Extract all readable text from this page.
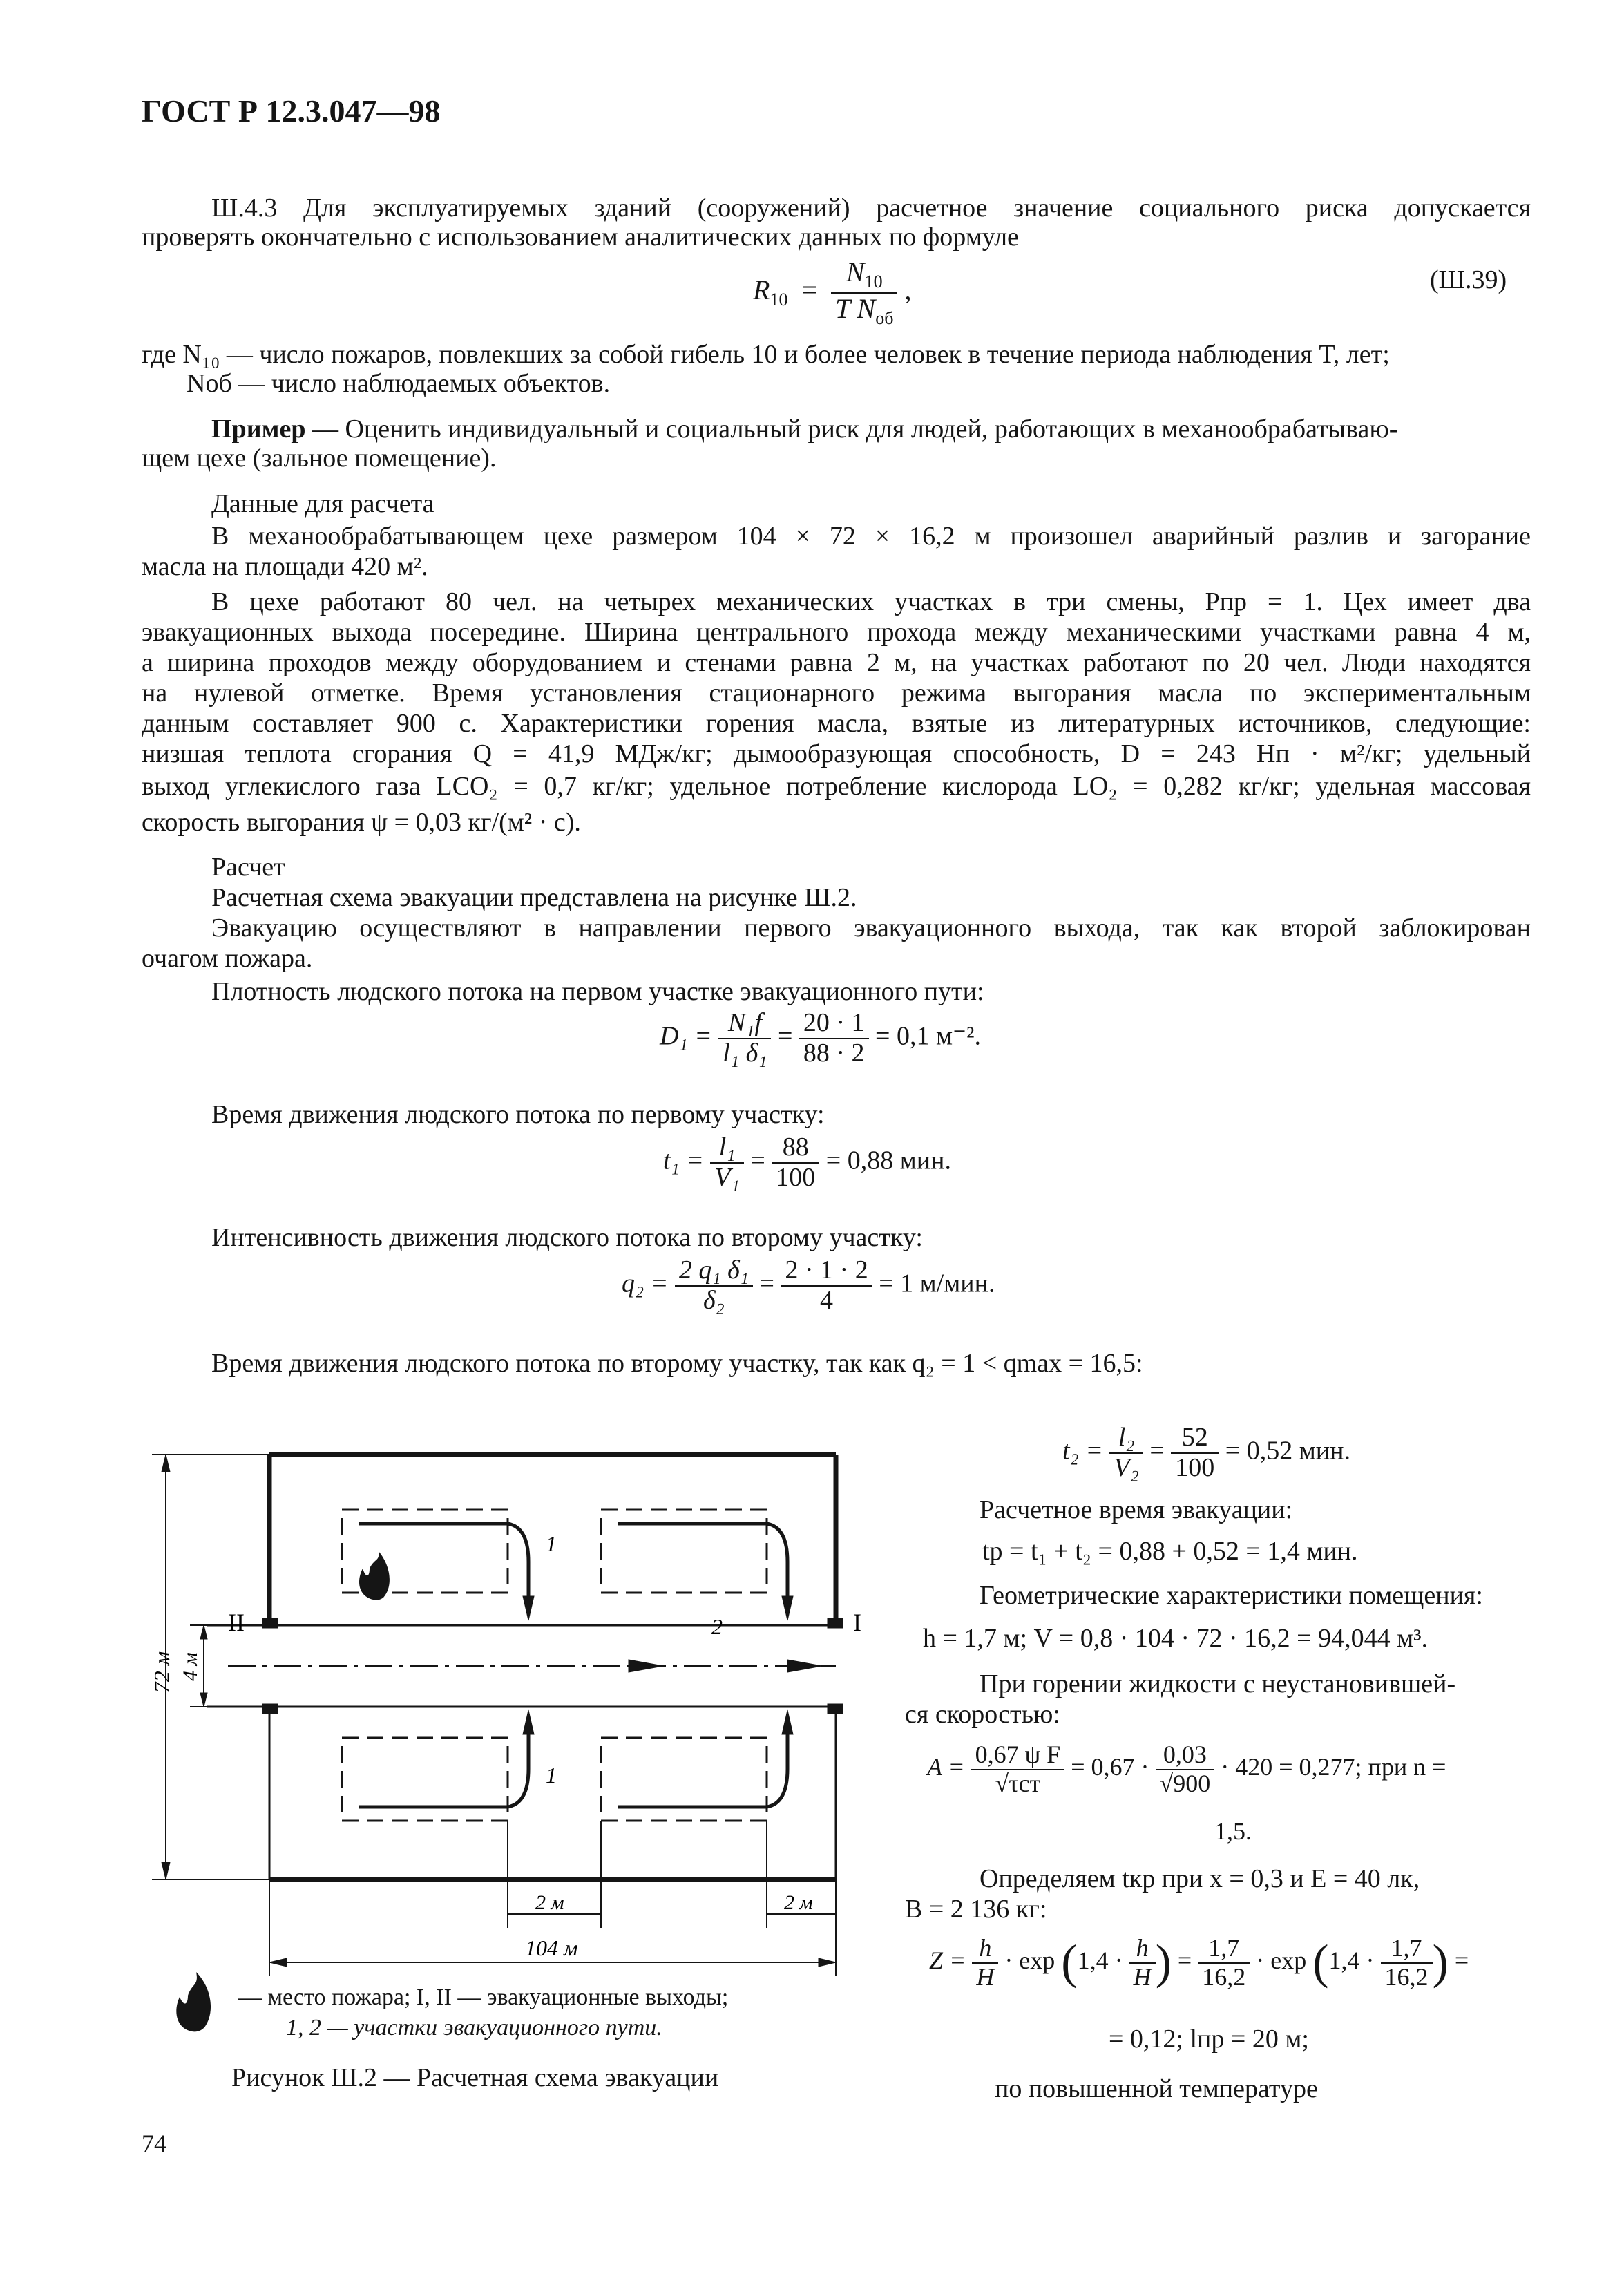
ГОСТ Р 12.3.047—98
Ш.4.3 Для эксплуатируемых зданий (сооружений) расчетное значение социального риска допускается
проверять окончательно с использованием аналитических данных по формуле
$R_{10}$  =
$N_{10}$
T $N_{об}$
,	(Ш.39)
где N₁₀ — число пожаров, повлекших за собой гибель 10 и более человек в течение периода наблюдения T, лет;
Nоб — число наблюдаемых объектов.
Пример — Оценить индивидуальный и социальный риск для людей, работающих в механообрабатываю-
щем цехе (зальное помещение).
Данные для расчета
В механообрабатывающем цехе размером 104 × 72 × 16,2 м произошел аварийный разлив и загорание
масла на площади 420 м².
В цехе работают 80 чел. на четырех механических участках в три смены, Pпр = 1. Цех имеет два
эвакуационных выхода посередине. Ширина центрального прохода между механическими участками равна 4 м,
а ширина проходов между оборудованием и стенами равна 2 м, на участках работают по 20 чел. Люди находятся
на нулевой отметке. Время установления стационарного режима выгорания масла по экспериментальным
данным составляет 900 с. Характеристики горения масла, взятые из литературных источников, следующие:
низшая теплота сгорания Q = 41,9 МДж/кг; дымообразующая способность, D = 243 Нп · м²/кг; удельный
выход углекислого газа LCO₂ = 0,7 кг/кг; удельное потребление кислорода LO₂ = 0,282 кг/кг; удельная массовая
скорость выгорания ψ = 0,03 кг/(м² · с).
Расчет
Расчетная схема эвакуации представлена на рисунке Ш.2.
Эвакуацию осуществляют в направлении первого эвакуационного выхода, так как второй заблокирован
очагом пожара.
Плотность людского потока на первом участке эвакуационного пути:
$D_1 = \frac{\text{N₁f}}{\text{l₁ δ₁}} = \frac{20 \cdot 1}{88 \cdot 2} = 0,1$ м⁻².
Время движения людского потока по первому участку:
$t_1 = \frac{\text{l₁}}{\text{V₁}} = \frac{88}{100} = 0,88$ мин.
Интенсивность движения людского потока по второму участку:
$q_2 = \frac{\text{2 q₁ δ₁}}{\text{δ₂}} = \frac{2 \cdot 1 \cdot 2}{4} = 1$ м/мин.
Время движения людского потока по второму участку, так как q₂ = 1 < qmax = 16,5:
72 м 4 м
II	I
1
1
2
2 м	2 м
104 м
— место пожара; I, II — эвакуационные выходы;
1, 2 — участки эвакуационного пути.
Рисунок Ш.2 — Расчетная схема эвакуации
$t_2 = \frac{\text{l₂}}{\text{V₂}} = \frac{52}{100} = 0,52$ мин.
Расчетное время эвакуации:
tр = t₁ + t₂ = 0,88 + 0,52 = 1,4 мин.
Геометрические характеристики помещения:
h = 1,7 м; V = 0,8 · 104 · 72 · 16,2 = 94,044 м³.
При горении жидкости с неустановившей-
ся скоростью:
A = 0,67 ψ F
√τст
= $0,67 \cdot \frac{0,03}{√900} \cdot 420 = 0,277$; при n =
1,5.
Определяем tкр при x = 0,3 и E = 40 лк,
B = 2 136 кг:
$Z = \frac{h}{H} \cdot \exp (1,4 \cdot \frac{h}{H}$ ) = $\frac{1,7}{16,2} \cdot \exp (1,4 \cdot \frac{1,7}{16,2}$ ) =
= 0,12; lпр = 20 м;
по повышенной температуре
74
